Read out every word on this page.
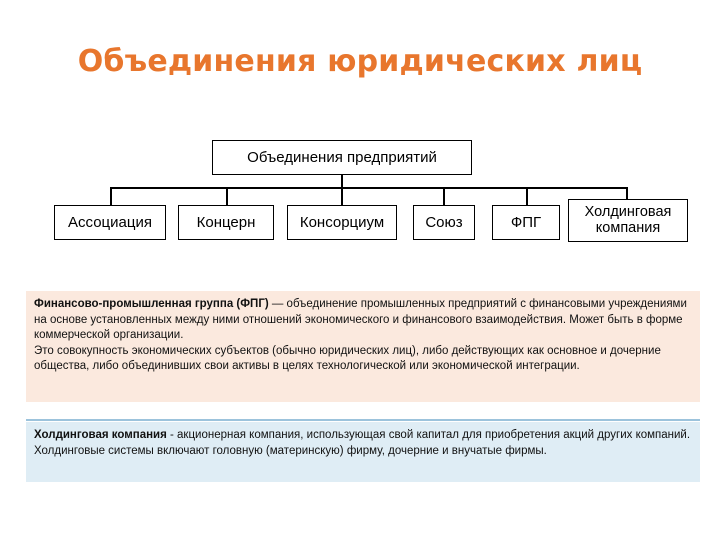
Объединения юридических лиц
Объединения предприятий
Ассоциация	Концерн	Консорциум	Союз	ФПГ
Холдинговая компания

Финансово-промышленная группа (ФПГ) — объединение промышленных предприятий с финансовыми учреждениями на основе установленных между ними отношений экономического и финансового взаимодействия. Может быть в форме коммерческой организации.

Это совокупность экономических субъектов (обычно юридических лиц), либо действующих как основное и дочерние общества, либо объединивших свои активы в целях технологической или экономической интеграции.

Холдинговая компания - акционерная компания, использующая свой капитал для приобретения акций других компаний. Холдинговые системы включают головную (материнскую) фирму, дочерние и внучатые фирмы.
